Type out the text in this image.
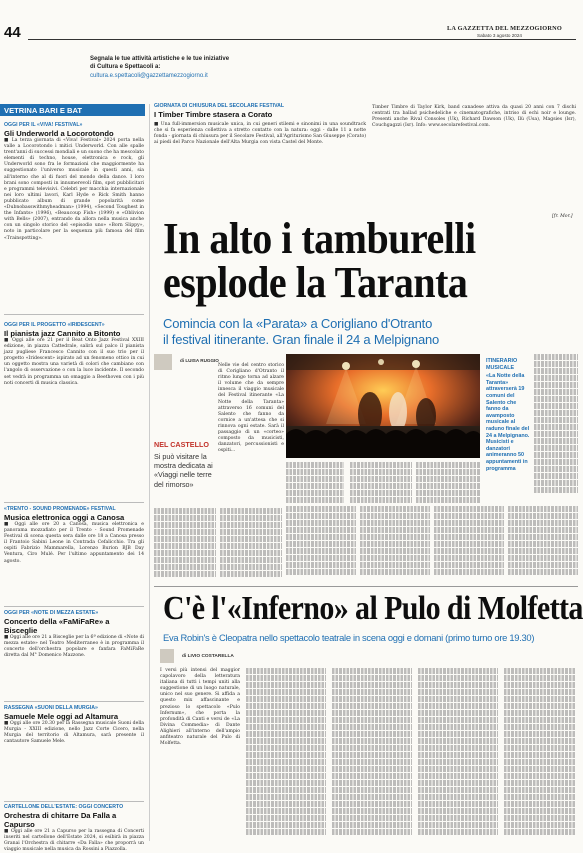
44	LA GAZZETTA DEL MEZZOGIORNO
Sabato 3 agosto 2024
Segnala le tue attività artistiche e le tue iniziative
di Cultura e Spettacoli a:
cultura.e.spettacoli@gazzettamezzogiorno.it
VETRINA BARI E BAT
OGGI PER IL «VIVA! FESTIVAL»
Gli Underworld a Locorotondo
■ La terza giornata di «Viva! Festival» 2024 porta nella valle a Locorotondo i mitici Underworld. Con alle spalle trent'anni di successi mondiali e un suono che ha mescolato elementi di techno, house, elettronica e rock, gli Underworld sono fra le formazioni che maggiormente ha suggestionato l'universo musicale in questi anni, sia all'interno che al di fuori del mondo della dance. I loro brani sono composti in innumerevoli film, spot pubblicitari e programmi televisivi. Celebri per macchia internazionale nei loro ultimi lavori, Karl Hyde e Rick Smith hanno pubblicato album di grande popolarità come «Dubnobasswithmyheadman» (1994), «Second Toughest in the Infants» (1996), «Beaucoup Fish» (1999) e «Oblivion with Bells» (2007), entrando da allora nella musica anche con un singolo storico del «episodio uno» «Born Slippy», noto in particolare per la sequenza più famosa del film «Trainspotting».
OGGI PER IL PROGETTO «IRIDESCENT»
Il pianista jazz Cannito a Bitonto
■ Oggi alle ore 21 per il Beat Onto Jazz Festival XXIII edizione, in piazza Cattedrale, salirà sul palco il pianista jazz pugliese Francesco Cannito con il suo trio per il progetto «Iridescent» ispirato ad un fenomeno ottico in cui un oggetto mostra una varietà di colori che cambiano con l'angolo di osservazione o con la luce incidente. Il secondo set vedrà in programma un omaggio a Beethoven con i più noti concerti di musica classica.
«TRENTO - SOUND PROMENADE» FESTIVAL
Musica elettronica oggi a Canosa
■ Oggi alle ore 20 a Canosa, musica elettronica e panorama mozzafiato per il Trento - Sound Promenade Festival di scena questa sera dalle ore 18 a Canosa presso il Frantoio Sabini Leone in Contrada Cefalicchio. Tra gli ospiti Fabrizio Mammarella, Lorenzo Burion BJB Day Ventura, Ciro Mulé. Per l'ultimo appuntamento dei 14 agosto.
OGGI PER «NOTE DI MEZZA ESTATE»
Concerto della «FaMiFaRe» a Bisceglie
■ Oggi alle ore 21 a Bisceglie per la 6ª edizione di «Note di mezza estate» nel Teatro Mediterraneo è in programma il concerto dell'orchestra popolare e fanfara FaMiFaRe diretta dal M° Domenico Mazzone.
RASSEGNA «SUONI DELLA MURGIA»
Samuele Mele oggi ad Altamura
■ Oggi alle ore 20.30 per la Rassegna musicale Suoni della Murgia - XXIII edizione, nello Jazz Corte Cicero, nella Murgia del territorio di Altamura, sarà presente il cantautore Samuele Mele.
CARTELLONE DELL'ESTATE: OGGI CONCERTO
Orchestra di chitarre Da Falla a Capurso
■ Oggi alle ore 21 a Capurso per la rassegna di Concerti inseriti nel cartellone dell'Estate 2024, si esibirà in piazza Granai l'Orchestra di chitarre «Da Falla» che proporrà un viaggio musicale nella musica da Rossini a Piazzolla.
GIORNATA DI CHIUSURA DEL SECOLARE FESTIVAL
I Timber Timbre stasera a Corato
■ Una full-immersion musicale unica, in cui generi stilemi e sinonimi in una soundtrack che si fa esperienza collettiva a stretto contatto con la natura: oggi - dalle 11 a notte fonda - giornata di chiusura per il Secolare Festival, all'Agriturismo San Giuseppe (Corato) ai piedi del Parco Nazionale dell'Alta Murgia con vista Castel del Monte.
Timber Timbre di Taylor Kirk, band canadese attiva da quasi 20 anni con 7 dischi centrati tra ballad psichedeliche e cinematografiche, intriso di echi noir e lounge. Presenti anche Rival Consoles (Uk), Richard Dawson (Uk), Ilù (Usa), Magsies (Isr), Couchgagzzi (Isr). Info: www.secolarefestival.com.
[fr. Mor.]
In alto i tamburelli
esplode la Taranta
Comincia con la «Parata» a Corigliano d'Otranto
il festival itinerante. Gran finale il 24 a Melpignano
di LUISA RUGGIO
NEL CASTELLO
Si può visitare la mostra dedicata ai «Viaggi nelle terre del rimorso»
Nelle vie del centro storico di Corigliano d'Otranto il ritmo lungo torna ad alzare il volume che da sempre innesca il viaggio musicale del Festival itinerante «La Notte della Taranta» attraverso 16 comuni del Salento che fanno da cornice a un'attesa che si rinnova ogni estate. Sarà il passaggio di un «corteo» composto da musicisti, danzatori, percussionisti e ospiti...
ITINERARIO MUSICALE
«La Notte della Taranta» attraverserà 19 comuni del Salento che fanno da avamposto musicale al raduno finale del 24 a Melpignano. Musicisti e danzatori animeranno 50 appuntamenti in programma
C'è l'«Inferno» al Pulo di Molfetta
Eva Robin's è Cleopatra nello spettacolo teatrale in scena oggi e domani (primo turno ore 19.30)
di LIVIO COSTARELLA
I versi più intensi del maggior capolavoro della letteratura italiana di tutti i tempi uniti alla suggestione di un luogo naturale, unico nel suo genere. Si affida a questo mix affascinante e prezioso lo spettacolo «Pulo Infernum», che porta la profondità di Canti e versi de «La Divina Commedia» di Dante Alighieri all'interno dell'ampio anfiteatro naturale del Pulo di Molfetta.
